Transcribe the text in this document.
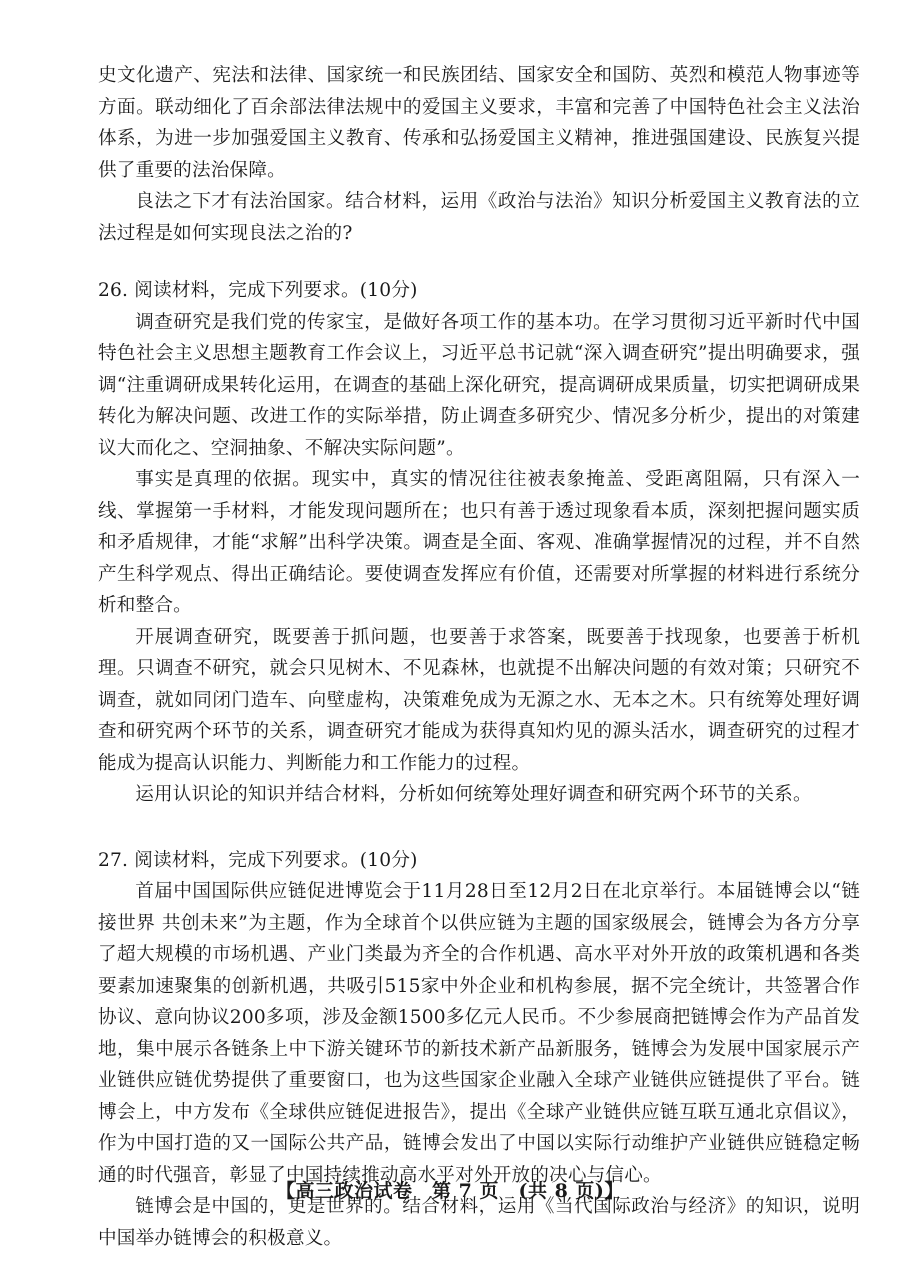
史文化遗产、宪法和法律、国家统一和民族团结、国家安全和国防、英烈和模范人物事迹等方面。联动细化了百余部法律法规中的爱国主义要求，丰富和完善了中国特色社会主义法治体系，为进一步加强爱国主义教育、传承和弘扬爱国主义精神，推进强国建设、民族复兴提供了重要的法治保障。

良法之下才有法治国家。结合材料，运用《政治与法治》知识分析爱国主义教育法的立法过程是如何实现良法之治的?

26. 阅读材料，完成下列要求。(10分)

调查研究是我们党的传家宝，是做好各项工作的基本功。在学习贯彻习近平新时代中国特色社会主义思想主题教育工作会议上，习近平总书记就“深入调查研究”提出明确要求，强调“注重调研成果转化运用，在调查的基础上深化研究，提高调研成果质量，切实把调研成果转化为解决问题、改进工作的实际举措，防止调查多研究少、情况多分析少，提出的对策建议大而化之、空洞抽象、不解决实际问题”。

事实是真理的依据。现实中，真实的情况往往被表象掩盖、受距离阻隔，只有深入一线、掌握第一手材料，才能发现问题所在；也只有善于透过现象看本质，深刻把握问题实质和矛盾规律，才能“求解”出科学决策。调查是全面、客观、准确掌握情况的过程，并不自然产生科学观点、得出正确结论。要使调查发挥应有价值，还需要对所掌握的材料进行系统分析和整合。

开展调查研究，既要善于抓问题，也要善于求答案，既要善于找现象，也要善于析机理。只调查不研究，就会只见树木、不见森林，也就提不出解决问题的有效对策；只研究不调查，就如同闭门造车、向壁虚构，决策难免成为无源之水、无本之木。只有统筹处理好调查和研究两个环节的关系，调查研究才能成为获得真知灼见的源头活水，调查研究的过程才能成为提高认识能力、判断能力和工作能力的过程。

运用认识论的知识并结合材料，分析如何统筹处理好调查和研究两个环节的关系。

27. 阅读材料，完成下列要求。(10分)

首届中国国际供应链促进博览会于11月28日至12月2日在北京举行。本届链博会以“链接世界 共创未来”为主题，作为全球首个以供应链为主题的国家级展会，链博会为各方分享了超大规模的市场机遇、产业门类最为齐全的合作机遇、高水平对外开放的政策机遇和各类要素加速聚集的创新机遇，共吸引515家中外企业和机构参展，据不完全统计，共签署合作协议、意向协议200多项，涉及金额1500多亿元人民币。不少参展商把链博会作为产品首发地，集中展示各链条上中下游关键环节的新技术新产品新服务，链博会为发展中国家展示产业链供应链优势提供了重要窗口，也为这些国家企业融入全球产业链供应链提供了平台。链博会上，中方发布《全球供应链促进报告》，提出《全球产业链供应链互联互通北京倡议》，作为中国打造的又一国际公共产品，链博会发出了中国以实际行动维护产业链供应链稳定畅通的时代强音，彰显了中国持续推动高水平对外开放的决心与信心。

链博会是中国的，更是世界的。结合材料，运用《当代国际政治与经济》的知识，说明中国举办链博会的积极意义。

【高三政治试卷　第 7 页　(共 8 页)】
